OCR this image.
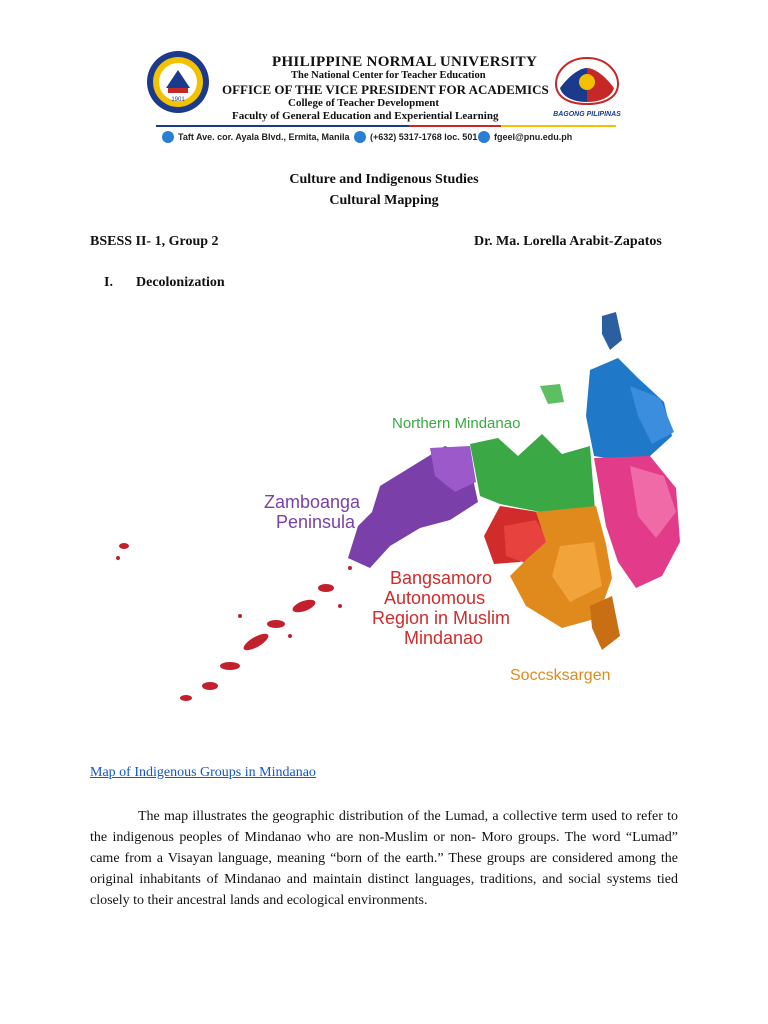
1901
PHILIPPINE NORMAL UNIVERSITY
The National Center for Teacher Education
OFFICE OF THE VICE PRESIDENT FOR ACADEMICS
College of Teacher Development
Faculty of General Education and Experiential Learning	BAGONG PILIPINAS
Taft Ave. cor. Ayala Blvd., Ermita, Manila (+632) 5317-1768 loc. 501 fgeel@pnu.edu.ph
Culture and Indigenous Studies
Cultural Mapping
BSESS II- 1, Group 2	Dr. Ma. Lorella Arabit-Zapatos
I. Decolonization
Northern Mindanao
Zamboanga
Peninsula
Bangsamoro
Autonomous
Region in Muslim
Mindanao
Soccsksargen
Map of Indigenous Groups in Mindanao

The map illustrates the geographic distribution of the Lumad, a collective term used to refer to the indigenous peoples of Mindanao who are non-Muslim or non- Moro groups. The word “Lumad” came from a Visayan language, meaning “born of the earth.” These groups are considered among the original inhabitants of Mindanao and maintain distinct languages, traditions, and social systems tied closely to their ancestral lands and ecological environments.
